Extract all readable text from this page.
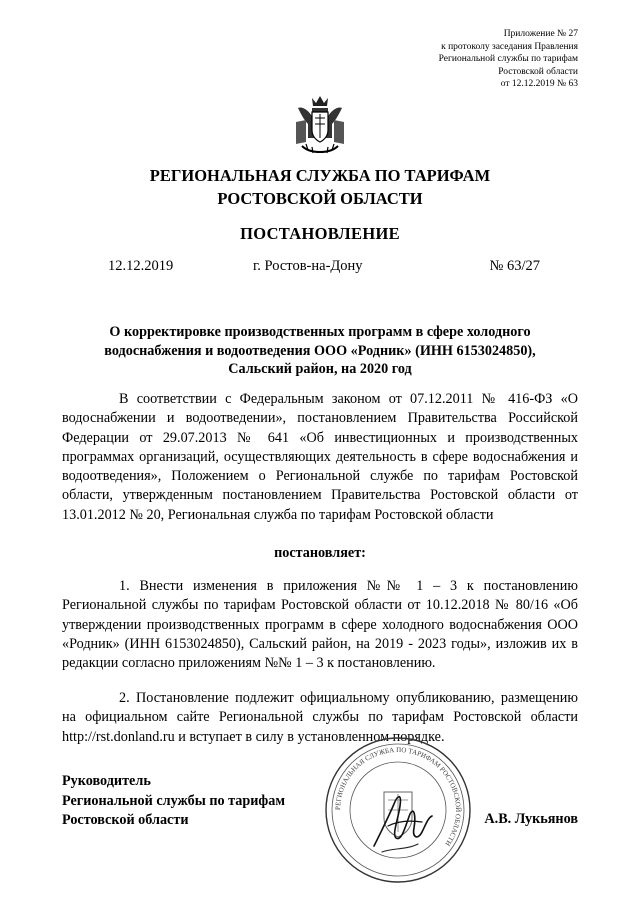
Приложение № 27
к протоколу заседания Правления
Региональной службы по тарифам
Ростовской области
от 12.12.2019 № 63
РЕГИОНАЛЬНАЯ СЛУЖБА ПО ТАРИФАМ
РОСТОВСКОЙ ОБЛАСТИ
ПОСТАНОВЛЕНИЕ
12.12.2019	г. Ростов-на-Дону	№ 63/27
О корректировке производственных программ в сфере холодного
водоснабжения и водоотведения ООО «Родник» (ИНН 6153024850),
Сальский район, на 2020 год
В соответствии с Федеральным законом от 07.12.2011 № 416-ФЗ «О водоснабжении и водоотведении», постановлением Правительства Российской Федерации от 29.07.2013 № 641 «Об инвестиционных и производственных программах организаций, осуществляющих деятельность в сфере водоснабжения и водоотведения», Положением о Региональной службе по тарифам Ростовской области, утвержденным постановлением Правительства Ростовской области от 13.01.2012 № 20, Региональная служба по тарифам Ростовской области
постановляет:
1. Внести изменения в приложения №№ 1 – 3 к постановлению Региональной службы по тарифам Ростовской области от 10.12.2018 № 80/16 «Об утверждении производственных программ в сфере холодного водоснабжения ООО «Родник» (ИНН 6153024850), Сальский район, на 2019 - 2023 годы», изложив их в редакции согласно приложениям №№ 1 – 3 к постановлению.
2. Постановление подлежит официальному опубликованию, размещению на официальном сайте Региональной службы по тарифам Ростовской области http://rst.donland.ru и вступает в силу в установленном порядке.
Руководитель
Региональной службы по тарифам
Ростовской области	А.В. Лукьянов
РЕГИОНАЛЬНАЯ СЛУЖБА ПО ТАРИФАМ РОСТОВСКОЙ ОБЛАСТИ
